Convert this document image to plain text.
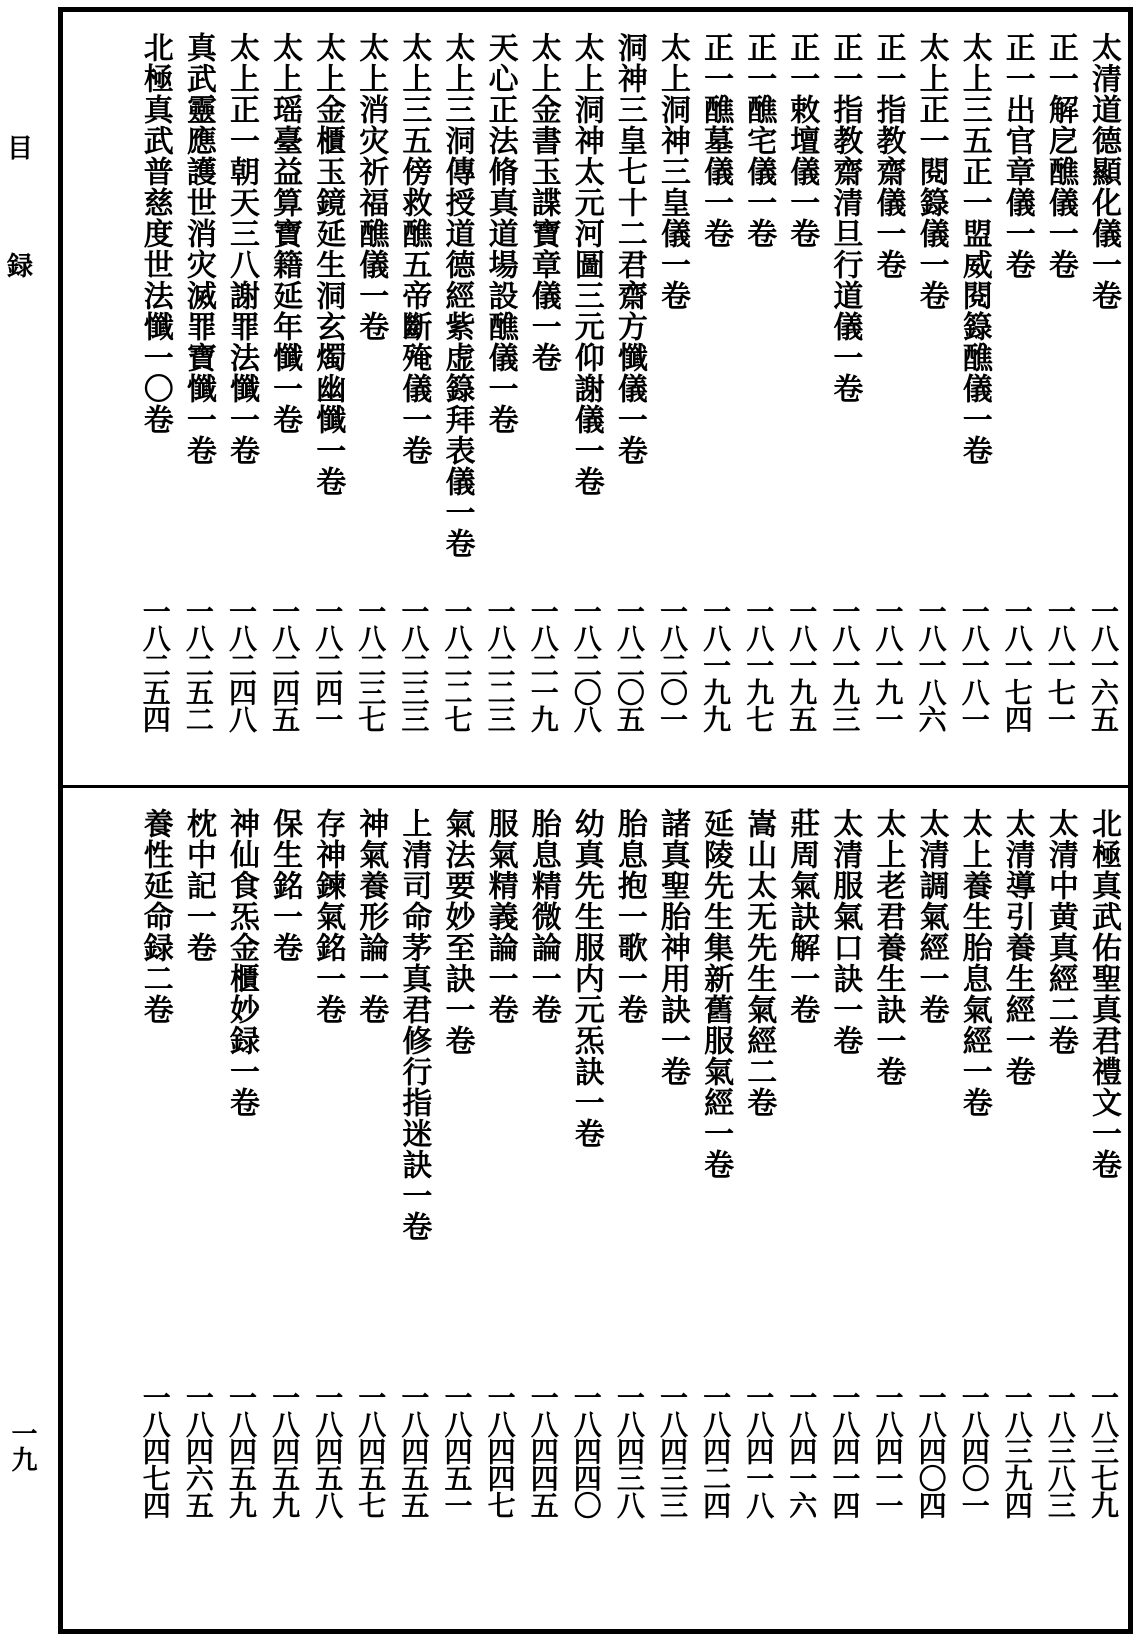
目
録
一九
太清道德顯化儀一卷
一八一六五
正一解戹醮儀一卷
一八一七一
正一出官章儀一卷
一八一七四
太上三五正一盟威閱籙醮儀一卷
一八一八一
太上正一閱籙儀一卷
一八一八六
正一指教齋儀一卷
一八一九一
正一指教齋清旦行道儀一卷
一八一九三
正一敕壇儀一卷
一八一九五
正一醮宅儀一卷
一八一九七
正一醮墓儀一卷
一八一九九
太上洞神三皇儀一卷
一八二〇一
洞神三皇七十二君齋方懺儀一卷
一八二〇五
太上洞神太元河圖三元仰謝儀一卷
一八二〇八
太上金書玉諜寶章儀一卷
一八二一九
天心正法脩真道場設醮儀一卷
一八二二三
太上三洞傳授道德經紫虚籙拜表儀一卷
一八二二七
太上三五傍救醮五帝斷殗儀一卷
一八二三三
太上消灾祈福醮儀一卷
一八二三七
太上金櫃玉鏡延生洞玄燭幽懺一卷
一八二四一
太上瑶臺益算寶籍延年懺一卷
一八二四五
太上正一朝天三八謝罪法懺一卷
一八二四八
真武靈應護世消灾滅罪寶懺一卷
一八二五二
北極真武普慈度世法懺一〇卷
一八二五四
北極真武佑聖真君禮文一卷
一八三七九
太清中黄真經二卷
一八三八三
太清導引養生經一卷
一八三九四
太上養生胎息氣經一卷
一八四〇一
太清調氣經一卷
一八四〇四
太上老君養生訣一卷
一八四一一
太清服氣口訣一卷
一八四一四
莊周氣訣解一卷
一八四一六
嵩山太无先生氣經二卷
一八四一八
延陵先生集新舊服氣經一卷
一八四二四
諸真聖胎神用訣一卷
一八四三三
胎息抱一歌一卷
一八四三八
幼真先生服内元炁訣一卷
一八四四〇
胎息精微論一卷
一八四四五
服氣精義論一卷
一八四四七
氣法要妙至訣一卷
一八四五一
上清司命茅真君修行指迷訣一卷
一八四五五
神氣養形論一卷
一八四五七
存神鍊氣銘一卷
一八四五八
保生銘一卷
一八四五九
神仙食炁金櫃妙録一卷
一八四五九
枕中記一卷
一八四六五
養性延命録二卷
一八四七四
